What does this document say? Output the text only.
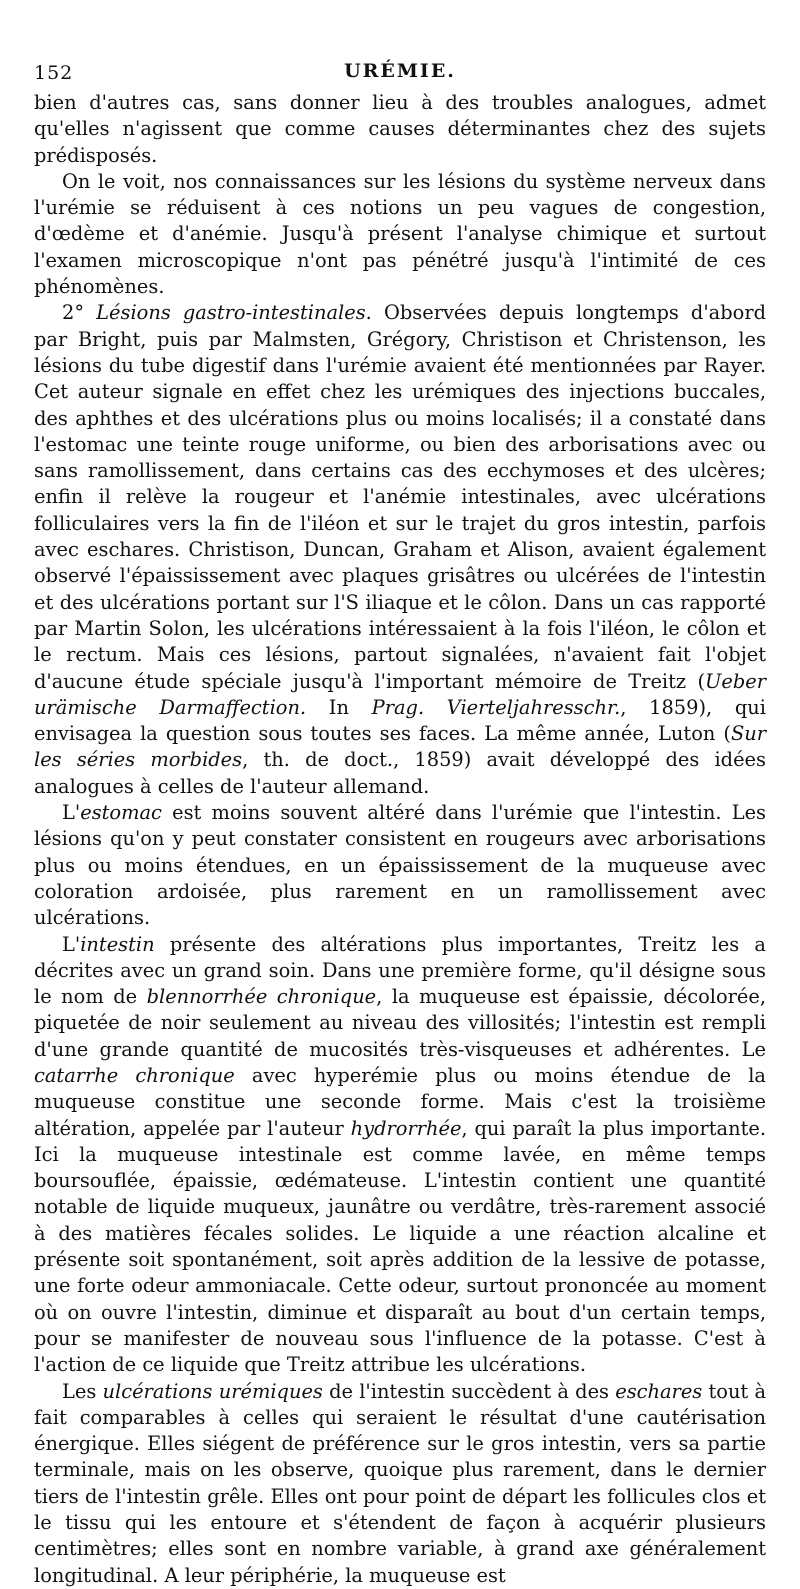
152	URÉMIE.

bien d'autres cas, sans donner lieu à des troubles analogues, admet qu'elles n'agissent que comme causes déterminantes chez des sujets prédisposés.

On le voit, nos connaissances sur les lésions du système nerveux dans l'urémie se réduisent à ces notions un peu vagues de congestion, d'œdème et d'anémie. Jusqu'à présent l'analyse chimique et surtout l'examen microscopique n'ont pas pénétré jusqu'à l'intimité de ces phénomènes.

2° Lésions gastro-intestinales. Observées depuis longtemps d'abord par Bright, puis par Malmsten, Grégory, Christison et Christenson, les lésions du tube digestif dans l'urémie avaient été mentionnées par Rayer. Cet auteur signale en effet chez les urémiques des injections buccales, des aphthes et des ulcérations plus ou moins localisés; il a constaté dans l'estomac une teinte rouge uniforme, ou bien des arborisations avec ou sans ramollissement, dans certains cas des ecchymoses et des ulcères; enfin il relève la rougeur et l'anémie intestinales, avec ulcérations folliculaires vers la fin de l'iléon et sur le trajet du gros intestin, parfois avec eschares. Christison, Duncan, Graham et Alison, avaient également observé l'épaississement avec plaques grisâtres ou ulcérées de l'intestin et des ulcérations portant sur l'S iliaque et le côlon. Dans un cas rapporté par Martin Solon, les ulcérations intéressaient à la fois l'iléon, le côlon et le rectum. Mais ces lésions, partout signalées, n'avaient fait l'objet d'aucune étude spéciale jusqu'à l'important mémoire de Treitz (Ueber urämische Darmaffection. In Prag. Vierteljahresschr., 1859), qui envisagea la question sous toutes ses faces. La même année, Luton (Sur les séries morbides, th. de doct., 1859) avait développé des idées analogues à celles de l'auteur allemand.

L'estomac est moins souvent altéré dans l'urémie que l'intestin. Les lésions qu'on y peut constater consistent en rougeurs avec arborisations plus ou moins étendues, en un épaississement de la muqueuse avec coloration ardoisée, plus rarement en un ramollissement avec ulcérations.

L'intestin présente des altérations plus importantes, Treitz les a décrites avec un grand soin. Dans une première forme, qu'il désigne sous le nom de blennorrhée chronique, la muqueuse est épaissie, décolorée, piquetée de noir seulement au niveau des villosités; l'intestin est rempli d'une grande quantité de mucosités très-visqueuses et adhérentes. Le catarrhe chronique avec hyperémie plus ou moins étendue de la muqueuse constitue une seconde forme. Mais c'est la troisième altération, appelée par l'auteur hydrorrhée, qui paraît la plus importante. Ici la muqueuse intestinale est comme lavée, en même temps boursouflée, épaissie, œdémateuse. L'intestin contient une quantité notable de liquide muqueux, jaunâtre ou verdâtre, très-rarement associé à des matières fécales solides. Le liquide a une réaction alcaline et présente soit spontanément, soit après addition de la lessive de potasse, une forte odeur ammoniacale. Cette odeur, surtout prononcée au moment où on ouvre l'intestin, diminue et disparaît au bout d'un certain temps, pour se manifester de nouveau sous l'influence de la potasse. C'est à l'action de ce liquide que Treitz attribue les ulcérations.

Les ulcérations urémiques de l'intestin succèdent à des eschares tout à fait comparables à celles qui seraient le résultat d'une cautérisation énergique. Elles siégent de préférence sur le gros intestin, vers sa partie terminale, mais on les observe, quoique plus rarement, dans le dernier tiers de l'intestin grêle. Elles ont pour point de départ les follicules clos et le tissu qui les entoure et s'étendent de façon à acquérir plusieurs centimètres; elles sont en nombre variable, à grand axe généralement longitudinal. A leur périphérie, la muqueuse est
